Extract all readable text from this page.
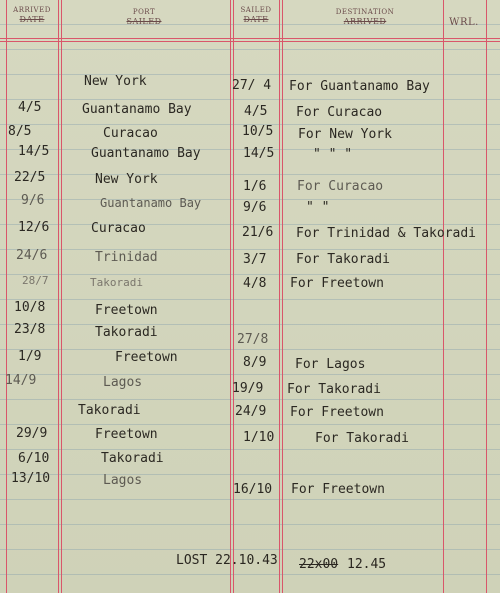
ARRIVED
DATE
PORT
SAILED
SAILED
DATE
DESTINATION
ARRIVED	WRL.
New York	27/ 4 For Guantanamo Bay
4/5	Guantanamo Bay	4/5 For Curacao
8/5	Curacao	10/5 For New York
14/5	Guantanamo Bay	14/5	" " "
22/5	New York	1/6 For Curacao
9/6	Guantanamo Bay	9/6	" "
12/6	Curacao	21/6 For Trinidad & Takoradi
24/6	Trinidad	3/7 For Takoradi
28/7	Takoradi	4/8 For Freetown
10/8	Freetown
23/8	Takoradi	27/8
1/9	Freetown	8/9 For Lagos
14/9	Lagos	19/9 For Takoradi
Takoradi	24/9 For Freetown
29/9	Freetown	1/10	For Takoradi
6/10	Takoradi
13/10	Lagos
16/10 For Freetown
LOST 22.10.43 22x00 12.45
